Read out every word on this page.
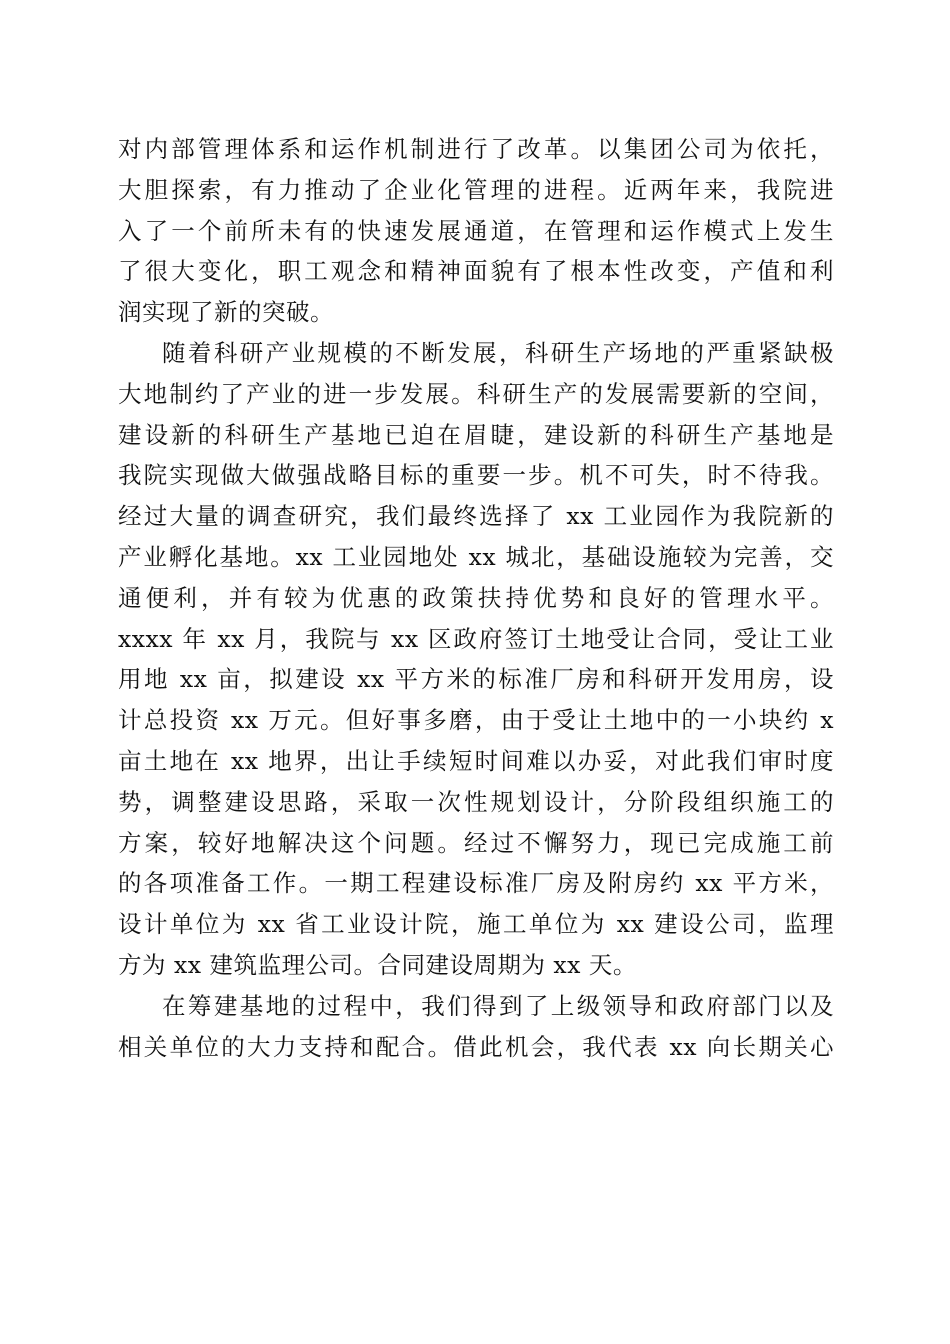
对内部管理体系和运作机制进行了改革。以集团公司为依托，
大胆探索，有力推动了企业化管理的进程。近两年来，我院进
入了一个前所未有的快速发展通道，在管理和运作模式上发生
了很大变化，职工观念和精神面貌有了根本性改变，产值和利
润实现了新的突破。
随着科研产业规模的不断发展，科研生产场地的严重紧缺极
大地制约了产业的进一步发展。科研生产的发展需要新的空间，
建设新的科研生产基地已迫在眉睫，建设新的科研生产基地是
我院实现做大做强战略目标的重要一步。机不可失，时不待我。
经过大量的调查研究，我们最终选择了 xx 工业园作为我院新的
产业孵化基地。xx 工业园地处 xx 城北，基础设施较为完善，交
通便利，并有较为优惠的政策扶持优势和良好的管理水平。
xxxx 年 xx 月，我院与 xx 区政府签订土地受让合同，受让工业
用地 xx 亩，拟建设 xx 平方米的标准厂房和科研开发用房，设
计总投资 xx 万元。但好事多磨，由于受让土地中的一小块约 x
亩土地在 xx 地界，出让手续短时间难以办妥，对此我们审时度
势，调整建设思路，采取一次性规划设计，分阶段组织施工的
方案，较好地解决这个问题。经过不懈努力，现已完成施工前
的各项准备工作。一期工程建设标准厂房及附房约 xx 平方米，
设计单位为 xx 省工业设计院，施工单位为 xx 建设公司，监理
方为 xx 建筑监理公司。合同建设周期为 xx 天。
在筹建基地的过程中，我们得到了上级领导和政府部门以及
相关单位的大力支持和配合。借此机会，我代表 xx 向长期关心
